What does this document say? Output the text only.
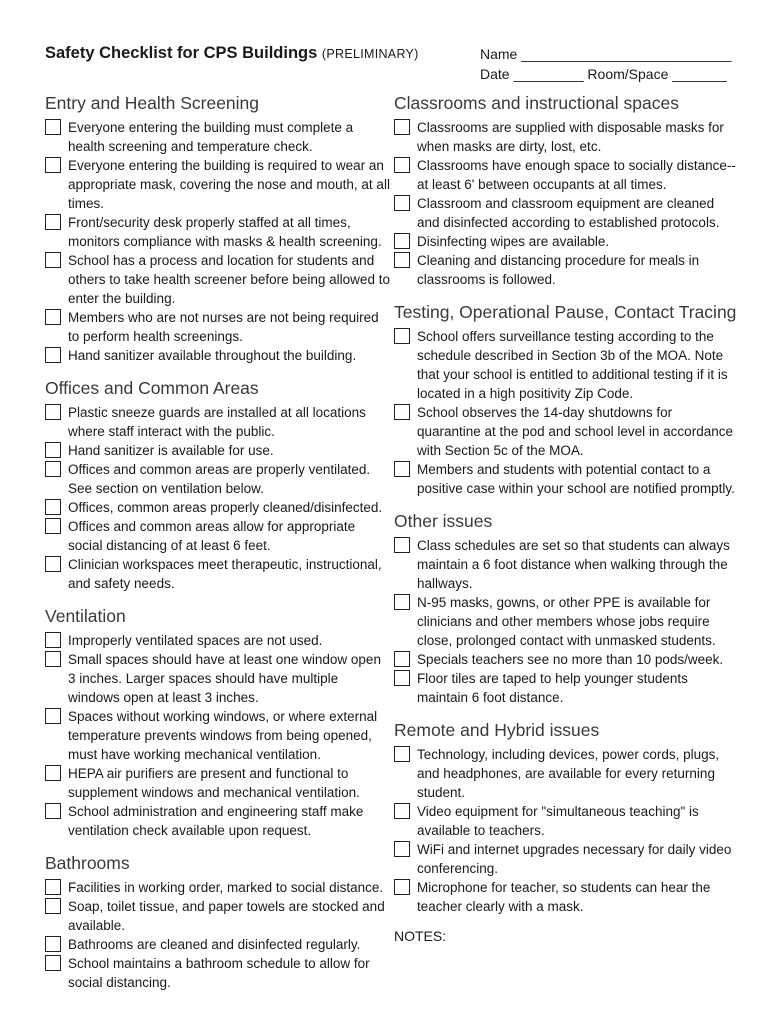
Safety Checklist for CPS Buildings (PRELIMINARY)	Name ___________________________
Date _________ Room/Space _______
Entry and Health Screening
Everyone entering the building must complete a health screening and temperature check.
Everyone entering the building is required to wear an appropriate mask, covering the nose and mouth, at all times.
Front/security desk properly staffed at all times, monitors compliance with masks & health screening.
School has a process and location for students and others to take health screener before being allowed to enter the building.
Members who are not nurses are not being required to perform health screenings.
Hand sanitizer available throughout the building.
Offices and Common Areas
Plastic sneeze guards are installed at all locations where staff interact with the public.
Hand sanitizer is available for use.
Offices and common areas are properly ventilated. See section on ventilation below.
Offices, common areas properly cleaned/disinfected.
Offices and common areas allow for appropriate social distancing of at least 6 feet.
Clinician workspaces meet therapeutic, instructional, and safety needs.
Ventilation
Improperly ventilated spaces are not used.
Small spaces should have at least one window open 3 inches. Larger spaces should have multiple windows open at least 3 inches.
Spaces without working windows, or where external temperature prevents windows from being opened, must have working mechanical ventilation.
HEPA air purifiers are present and functional to supplement windows and mechanical ventilation.
School administration and engineering staff make ventilation check available upon request.
Bathrooms
Facilities in working order, marked to social distance.
Soap, toilet tissue, and paper towels are stocked and available.
Bathrooms are cleaned and disinfected regularly.
School maintains a bathroom schedule to allow for social distancing.
Classrooms and instructional spaces
Classrooms are supplied with disposable masks for when masks are dirty, lost, etc.
Classrooms have enough space to socially distance--at least 6' between occupants at all times.
Classroom and classroom equipment are cleaned and disinfected according to established protocols.
Disinfecting wipes are available.
Cleaning and distancing procedure for meals in classrooms is followed.
Testing, Operational Pause, Contact Tracing
School offers surveillance testing according to the schedule described in Section 3b of the MOA. Note that your school is entitled to additional testing if it is located in a high positivity Zip Code.
School observes the 14-day shutdowns for quarantine at the pod and school level in accordance with Section 5c of the MOA.
Members and students with potential contact to a positive case within your school are notified promptly.
Other issues
Class schedules are set so that students can always maintain a 6 foot distance when walking through the hallways.
N-95 masks, gowns, or other PPE is available for clinicians and other members whose jobs require close, prolonged contact with unmasked students.
Specials teachers see no more than 10 pods/week.
Floor tiles are taped to help younger students maintain 6 foot distance.
Remote and Hybrid issues
Technology, including devices, power cords, plugs, and headphones, are available for every returning student.
Video equipment for "simultaneous teaching" is available to teachers.
WiFi and internet upgrades necessary for daily video conferencing.
Microphone for teacher, so students can hear the teacher clearly with a mask.
NOTES:
